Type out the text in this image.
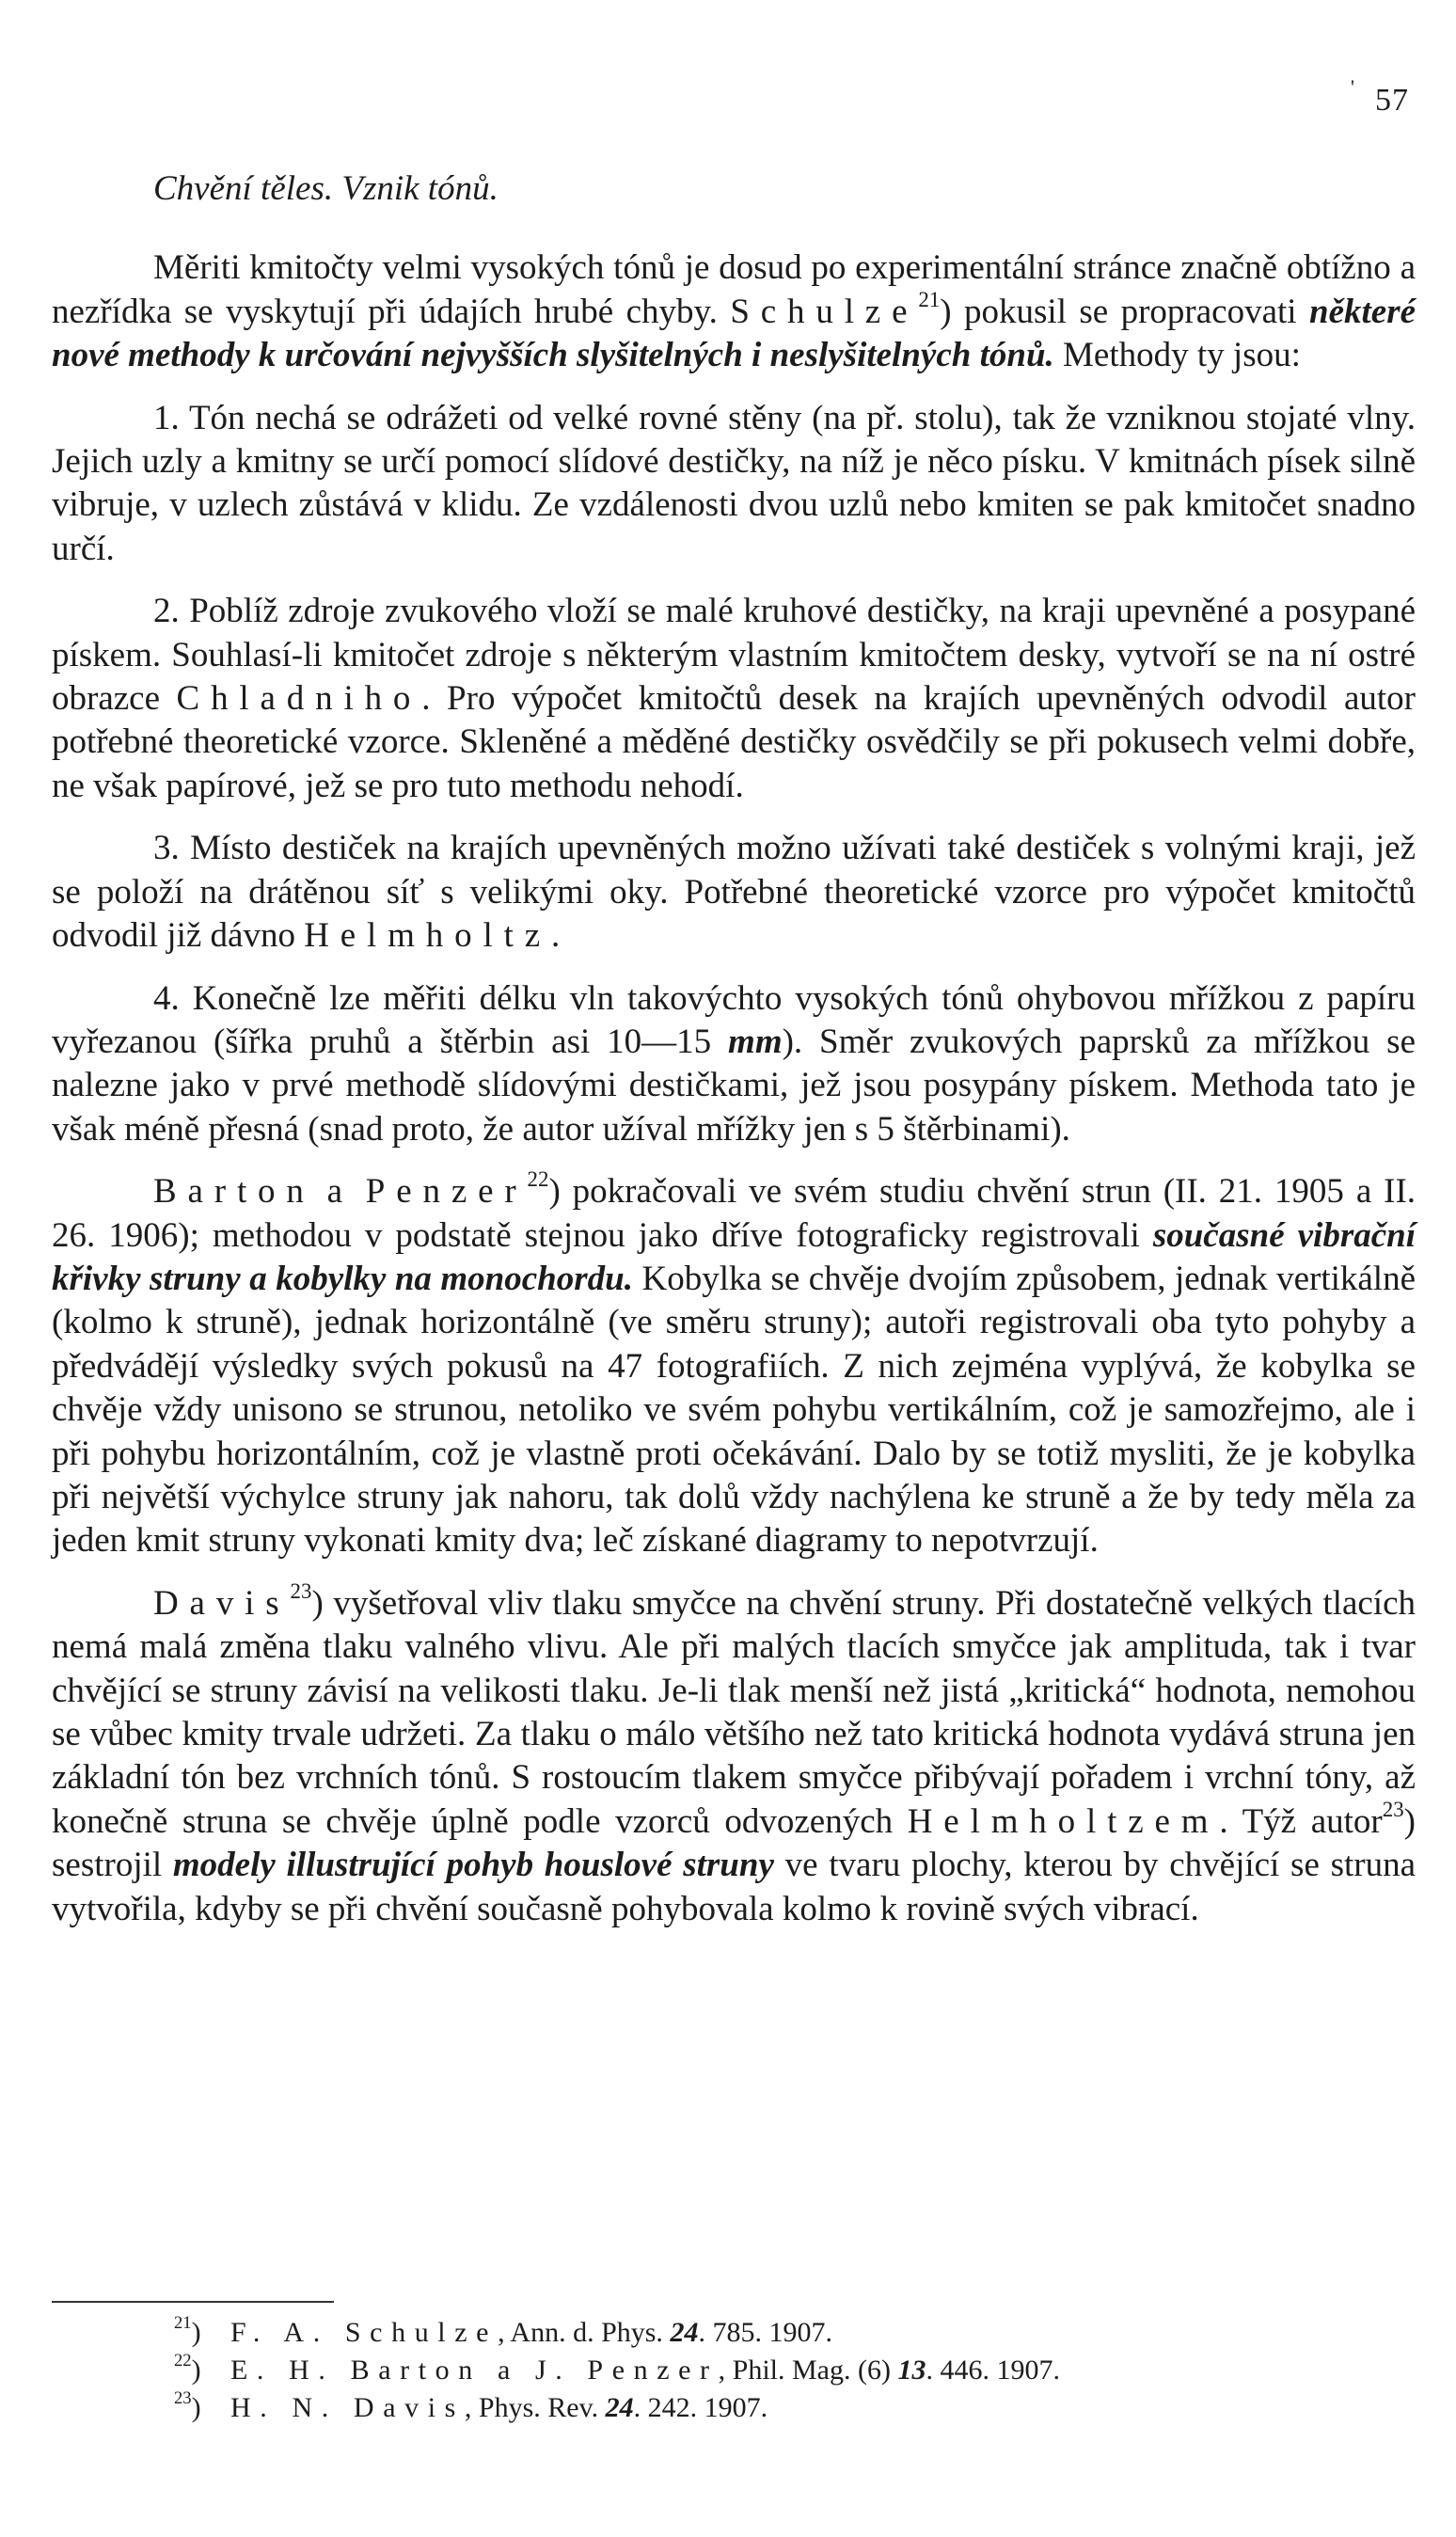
' 57
Chvění těles. Vznik tónů.

Měriti kmitočty velmi vysokých tónů je dosud po experimentální stránce značně obtížno a nezřídka se vyskytují při údajích hrubé chyby. Schulze$^{21}$) pokusil se propracovati některé nové methody k určování nejvyšších slyšitelných i neslyšitelných tónů. Methody ty jsou:

1. Tón nechá se odrážeti od velké rovné stěny (na př. stolu), tak že vzniknou stojaté vlny. Jejich uzly a kmitny se určí pomocí slídové destičky, na níž je něco písku. V kmitnách písek silně vibruje, v uzlech zůstává v klidu. Ze vzdálenosti dvou uzlů nebo kmiten se pak kmitočet snadno určí.

2. Poblíž zdroje zvukového vloží se malé kruhové destičky, na kraji upevněné a posypané pískem. Souhlasí-li kmitočet zdroje s některým vlastním kmitočtem desky, vytvoří se na ní ostré obrazce Chladniho. Pro výpočet kmitočtů desek na krajích upevněných odvodil autor potřebné theoretické vzorce. Skleněné a měděné destičky osvědčily se při pokusech velmi dobře, ne však papírové, jež se pro tuto methodu nehodí.

3. Místo destiček na krajích upevněných možno užívati také destiček s volnými kraji, jež se položí na drátěnou síť s velikými oky. Potřebné theoretické vzorce pro výpočet kmitočtů odvodil již dávno Helmholtz.

4. Konečně lze měřiti délku vln takovýchto vysokých tónů ohybovou mřížkou z papíru vyřezanou (šířka pruhů a štěrbin asi 10—15 mm). Směr zvukových paprsků za mřížkou se nalezne jako v prvé methodě slídovými destičkami, jež jsou posypány pískem. Methoda tato je však méně přesná (snad proto, že autor užíval mřížky jen s 5 štěrbinami).

Barton a Penzer$^{22}$) pokračovali ve svém studiu chvění strun (II. 21. 1905 a II. 26. 1906); methodou v podstatě stejnou jako dříve fotograficky registrovali současné vibrační křivky struny a kobylky na monochordu. Kobylka se chvěje dvojím způsobem, jednak vertikálně (kolmo k struně), jednak horizontálně (ve směru struny); autoři registrovali oba tyto pohyby a předvádějí výsledky svých pokusů na 47 fotografiích. Z nich zejména vyplývá, že kobylka se chvěje vždy unisono se strunou, netoliko ve svém pohybu vertikálním, což je samozřejmo, ale i při pohybu horizontálním, což je vlastně proti očekávání. Dalo by se totiž mysliti, že je kobylka při největší výchylce struny jak nahoru, tak dolů vždy nachýlena ke struně a že by tedy měla za jeden kmit struny vykonati kmity dva; leč získané diagramy to nepotvrzují.

Davis$^{23}$) vyšetřoval vliv tlaku smyčce na chvění struny. Při dostatečně velkých tlacích nemá malá změna tlaku valného vlivu. Ale při malých tlacích smyčce jak amplituda, tak i tvar chvějící se struny závisí na velikosti tlaku. Je-li tlak menší než jistá „kritická“ hodnota, nemohou se vůbec kmity trvale udržeti. Za tlaku o málo většího než tato kritická hodnota vydává struna jen základní tón bez vrchních tónů. S rostoucím tlakem smyčce přibývají pořadem i vrchní tóny, až konečně struna se chvěje úplně podle vzorců odvozených Helmholtzem. Týž autor$^{23}$) sestrojil modely illustrující pohyb houslové struny ve tvaru plochy, kterou by chvějící se struna vytvořila, kdyby se při chvění současně pohybovala kolmo k rovině svých vibrací.

$^{21}$) F. A. Schulze, Ann. d. Phys. 24. 785. 1907.
$^{22}$) E. H. Barton a J. Penzer, Phil. Mag. (6) 13. 446. 1907.
$^{23}$) H. N. Davis, Phys. Rev. 24. 242. 1907.
